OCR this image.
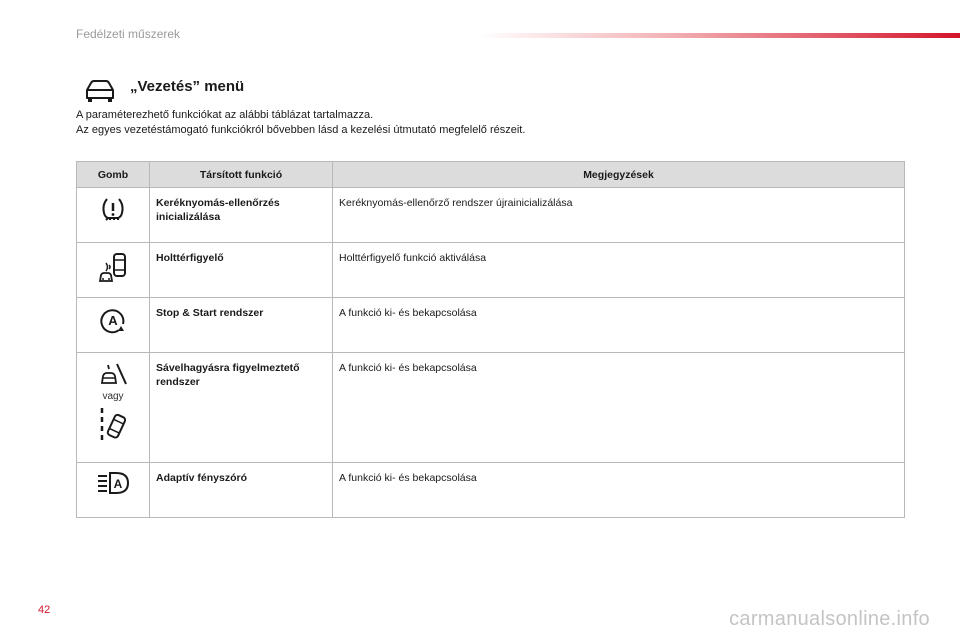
Fedélzeti műszerek
„Vezetés” menü
A paraméterezhető funkciókat az alábbi táblázat tartalmazza.
Az egyes vezetéstámogató funkciókról bővebben lásd a kezelési útmutató megfelelő részeit.
Gomb	Társított funkció	Megjegyzések

	Keréknyomás-ellenőrzés inicializálása	Keréknyomás-ellenőrző rendszer újrainicializálása

	Holttérfigyelő	Holttérfigyelő funkció aktiválása

A	Stop & Start rendszer	A funkció ki- és bekapcsolása

vagy	Sávelhagyásra figyelmeztető rendszer	A funkció ki- és bekapcsolása

A	Adaptív fényszóró	A funkció ki- és bekapcsolása
42	carmanualsonline.info
